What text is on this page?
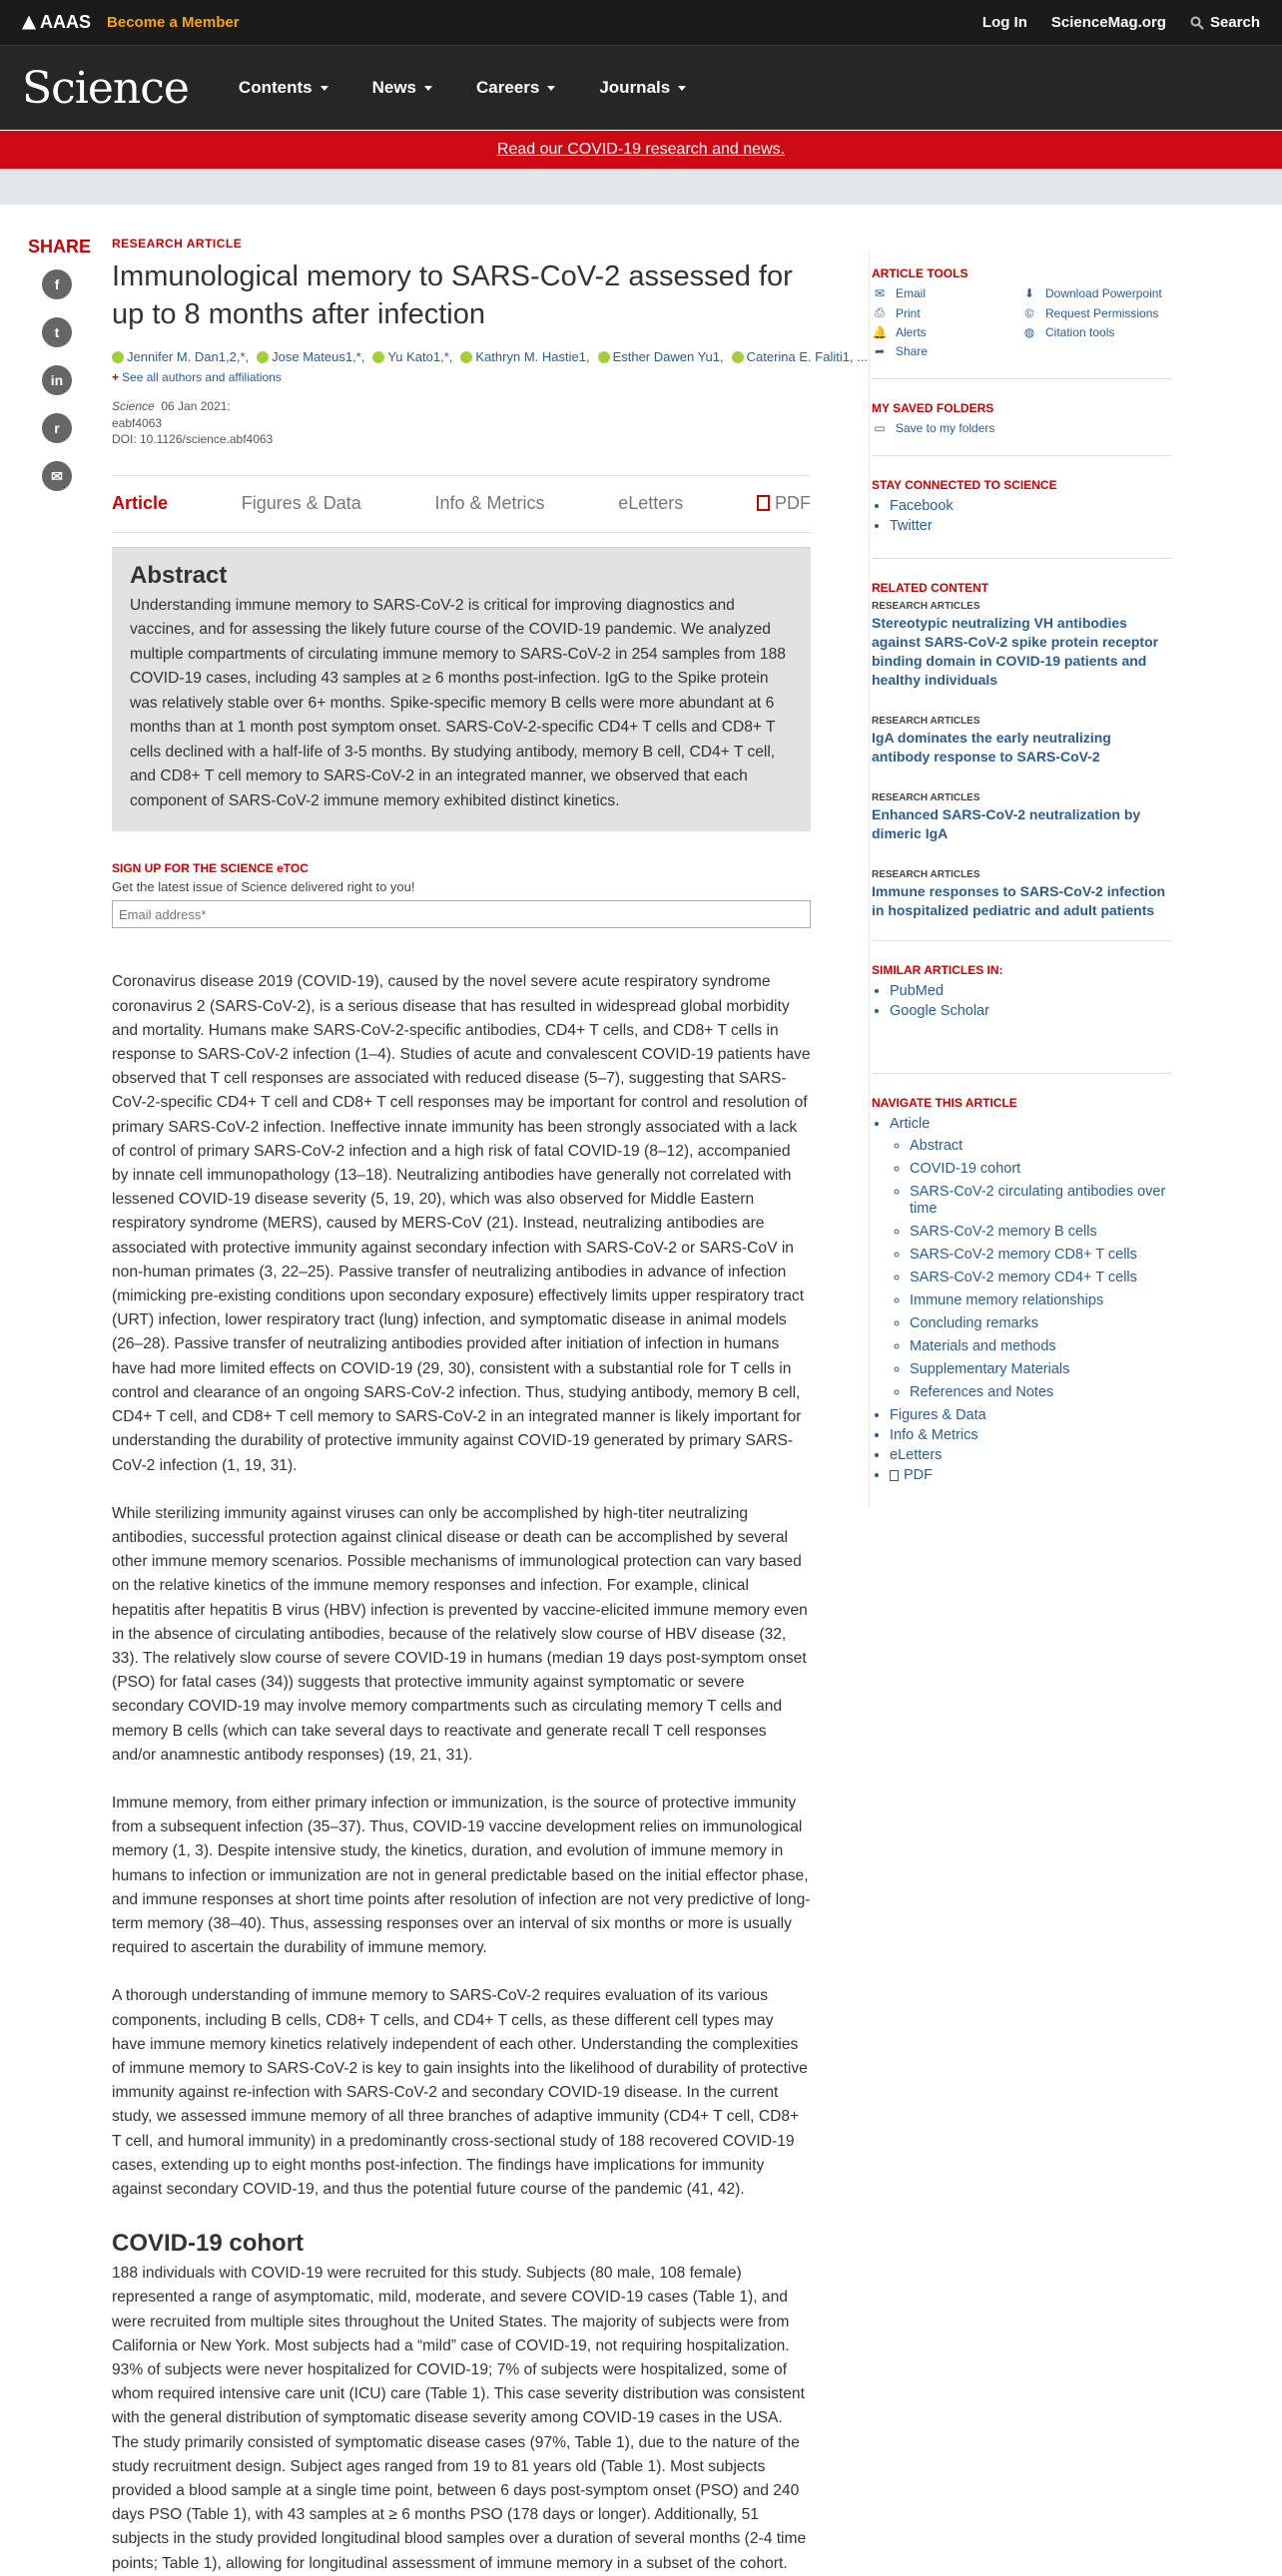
AAAS Become a Member	Log In ScienceMag.org	Search
Science	Contents	News	Careers	Journals
Read our COVID-19 research and news.
SHARE
f
t
in
r
✉
RESEARCH ARTICLE
Immunological memory to SARS-CoV-2 assessed for up to 8 months after infection
Jennifer M. Dan1,2,*, Jose Mateus1,*, Yu Kato1,*, Kathryn M. Hastie1, Esther Dawen Yu1, Caterina E. Faliti1, ...
+ See all authors and affiliations
Science 06 Jan 2021:
eabf4063
DOI: 10.1126/science.abf4063
Article	Figures & Data	Info & Metrics	eLetters	PDF
Abstract

Understanding immune memory to SARS-CoV-2 is critical for improving diagnostics and vaccines, and for assessing the likely future course of the COVID-19 pandemic. We analyzed multiple compartments of circulating immune memory to SARS-CoV-2 in 254 samples from 188 COVID-19 cases, including 43 samples at ≥ 6 months post-infection. IgG to the Spike protein was relatively stable over 6+ months. Spike-specific memory B cells were more abundant at 6 months than at 1 month post symptom onset. SARS-CoV-2-specific CD4+ T cells and CD8+ T cells declined with a half-life of 3-5 months. By studying antibody, memory B cell, CD4+ T cell, and CD8+ T cell memory to SARS-CoV-2 in an integrated manner, we observed that each component of SARS-CoV-2 immune memory exhibited distinct kinetics.

SIGN UP FOR THE SCIENCE eTOC
Get the latest issue of Science delivered right to you!
Email address*

Coronavirus disease 2019 (COVID-19), caused by the novel severe acute respiratory syndrome coronavirus 2 (SARS-CoV-2), is a serious disease that has resulted in widespread global morbidity and mortality. Humans make SARS-CoV-2-specific antibodies, CD4+ T cells, and CD8+ T cells in response to SARS-CoV-2 infection (1–4). Studies of acute and convalescent COVID-19 patients have observed that T cell responses are associated with reduced disease (5–7), suggesting that SARS-CoV-2-specific CD4+ T cell and CD8+ T cell responses may be important for control and resolution of primary SARS-CoV-2 infection. Ineffective innate immunity has been strongly associated with a lack of control of primary SARS-CoV-2 infection and a high risk of fatal COVID-19 (8–12), accompanied by innate cell immunopathology (13–18). Neutralizing antibodies have generally not correlated with lessened COVID-19 disease severity (5, 19, 20), which was also observed for Middle Eastern respiratory syndrome (MERS), caused by MERS-CoV (21). Instead, neutralizing antibodies are associated with protective immunity against secondary infection with SARS-CoV-2 or SARS-CoV in non-human primates (3, 22–25). Passive transfer of neutralizing antibodies in advance of infection (mimicking pre-existing conditions upon secondary exposure) effectively limits upper respiratory tract (URT) infection, lower respiratory tract (lung) infection, and symptomatic disease in animal models (26–28). Passive transfer of neutralizing antibodies provided after initiation of infection in humans have had more limited effects on COVID-19 (29, 30), consistent with a substantial role for T cells in control and clearance of an ongoing SARS-CoV-2 infection. Thus, studying antibody, memory B cell, CD4+ T cell, and CD8+ T cell memory to SARS-CoV-2 in an integrated manner is likely important for understanding the durability of protective immunity against COVID-19 generated by primary SARS-CoV-2 infection (1, 19, 31).

While sterilizing immunity against viruses can only be accomplished by high-titer neutralizing antibodies, successful protection against clinical disease or death can be accomplished by several other immune memory scenarios. Possible mechanisms of immunological protection can vary based on the relative kinetics of the immune memory responses and infection. For example, clinical hepatitis after hepatitis B virus (HBV) infection is prevented by vaccine-elicited immune memory even in the absence of circulating antibodies, because of the relatively slow course of HBV disease (32, 33). The relatively slow course of severe COVID-19 in humans (median 19 days post-symptom onset (PSO) for fatal cases (34)) suggests that protective immunity against symptomatic or severe secondary COVID-19 may involve memory compartments such as circulating memory T cells and memory B cells (which can take several days to reactivate and generate recall T cell responses and/or anamnestic antibody responses) (19, 21, 31).

Immune memory, from either primary infection or immunization, is the source of protective immunity from a subsequent infection (35–37). Thus, COVID-19 vaccine development relies on immunological memory (1, 3). Despite intensive study, the kinetics, duration, and evolution of immune memory in humans to infection or immunization are not in general predictable based on the initial effector phase, and immune responses at short time points after resolution of infection are not very predictive of long-term memory (38–40). Thus, assessing responses over an interval of six months or more is usually required to ascertain the durability of immune memory.

A thorough understanding of immune memory to SARS-CoV-2 requires evaluation of its various components, including B cells, CD8+ T cells, and CD4+ T cells, as these different cell types may have immune memory kinetics relatively independent of each other. Understanding the complexities of immune memory to SARS-CoV-2 is key to gain insights into the likelihood of durability of protective immunity against re-infection with SARS-CoV-2 and secondary COVID-19 disease. In the current study, we assessed immune memory of all three branches of adaptive immunity (CD4+ T cell, CD8+ T cell, and humoral immunity) in a predominantly cross-sectional study of 188 recovered COVID-19 cases, extending up to eight months post-infection. The findings have implications for immunity against secondary COVID-19, and thus the potential future course of the pandemic (41, 42).

COVID-19 cohort

188 individuals with COVID-19 were recruited for this study. Subjects (80 male, 108 female) represented a range of asymptomatic, mild, moderate, and severe COVID-19 cases (Table 1), and were recruited from multiple sites throughout the United States. The majority of subjects were from California or New York. Most subjects had a “mild” case of COVID-19, not requiring hospitalization. 93% of subjects were never hospitalized for COVID-19; 7% of subjects were hospitalized, some of whom required intensive care unit (ICU) care (Table 1). This case severity distribution was consistent with the general distribution of symptomatic disease severity among COVID-19 cases in the USA. The study primarily consisted of symptomatic disease cases (97%, Table 1), due to the nature of the study recruitment design. Subject ages ranged from 19 to 81 years old (Table 1). Most subjects provided a blood sample at a single time point, between 6 days post-symptom onset (PSO) and 240 days PSO (Table 1), with 43 samples at ≥ 6 months PSO (178 days or longer). Additionally, 51 subjects in the study provided longitudinal blood samples over a duration of several months (2-4 time points; Table 1), allowing for longitudinal assessment of immune memory in a subset of the cohort.

ARTICLE TOOLS
✉ Email	⬇ Download Powerpoint
⎙ Print	© Request Permissions
🔔 Alerts	◍ Citation tools
➦ Share
MY SAVED FOLDERS
▭ Save to my folders
STAY CONNECTED TO SCIENCE
• Facebook
• Twitter
RELATED CONTENT
RESEARCH ARTICLES
Stereotypic neutralizing VH antibodies against SARS-CoV-2 spike protein receptor binding domain in COVID-19 patients and healthy individuals
RESEARCH ARTICLES
IgA dominates the early neutralizing antibody response to SARS-CoV-2
RESEARCH ARTICLES
Enhanced SARS-CoV-2 neutralization by dimeric IgA
RESEARCH ARTICLES
Immune responses to SARS-CoV-2 infection in hospitalized pediatric and adult patients
SIMILAR ARTICLES IN:
• PubMed
• Google Scholar
NAVIGATE THIS ARTICLE
• Article
◦ Abstract
◦ COVID-19 cohort
◦ SARS-CoV-2 circulating antibodies over time
◦ SARS-CoV-2 memory B cells
◦ SARS-CoV-2 memory CD8+ T cells
◦ SARS-CoV-2 memory CD4+ T cells
◦ Immune memory relationships
◦ Concluding remarks
◦ Materials and methods
◦ Supplementary Materials
◦ References and Notes
• Figures & Data
• Info & Metrics
• eLetters
• PDF
